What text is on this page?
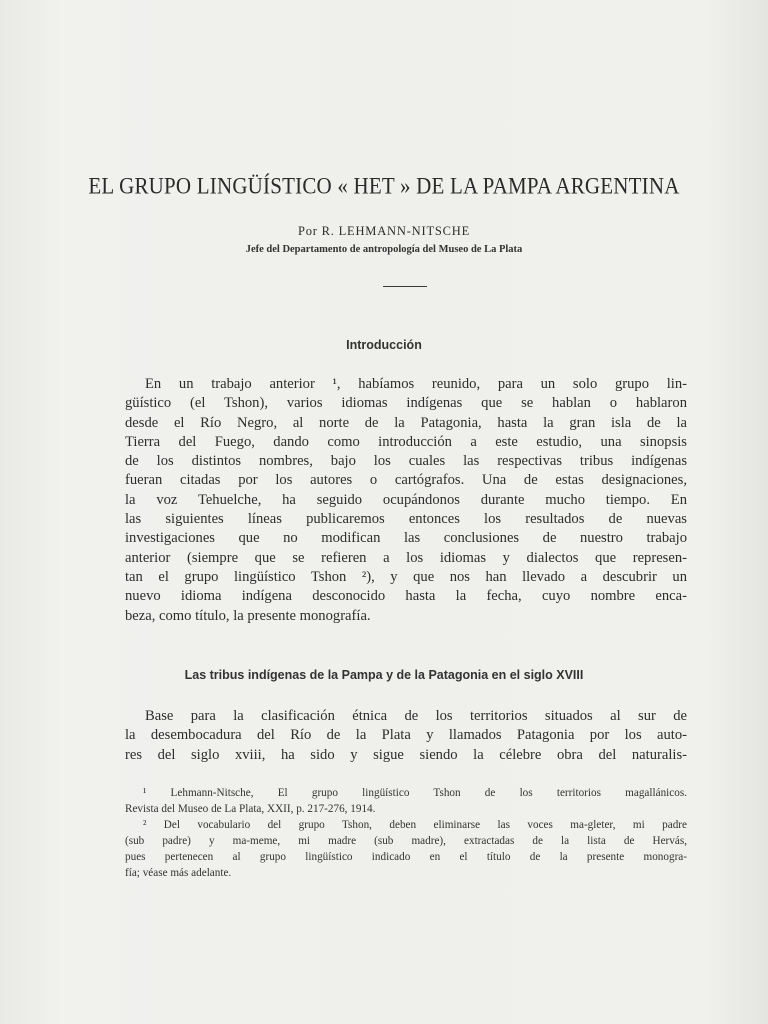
EL GRUPO LINGÜÍSTICO « HET » DE LA PAMPA ARGENTINA
Por R. LEHMANN-NITSCHE
Jefe del Departamento de antropología del Museo de La Plata
Introducción
En un trabajo anterior ¹, habíamos reunido, para un solo grupo lin-
güístico (el Tshon), varios idiomas indígenas que se hablan o hablaron
desde el Río Negro, al norte de la Patagonia, hasta la gran isla de la
Tierra del Fuego, dando como introducción a este estudio, una sinopsis
de los distintos nombres, bajo los cuales las respectivas tribus indígenas
fueran citadas por los autores o cartógrafos. Una de estas designaciones,
la voz Tehuelche, ha seguido ocupándonos durante mucho tiempo. En
las siguientes líneas publicaremos entonces los resultados de nuevas
investigaciones que no modifican las conclusiones de nuestro trabajo
anterior (siempre que se refieren a los idiomas y dialectos que represen-
tan el grupo lingüístico Tshon ²), y que nos han llevado a descubrir un
nuevo idioma indígena desconocido hasta la fecha, cuyo nombre enca-
beza, como título, la presente monografía.
Las tribus indígenas de la Pampa y de la Patagonia en el siglo XVIII
Base para la clasificación étnica de los territorios situados al sur de
la desembocadura del Río de la Plata y llamados Patagonia por los auto-
res del siglo xviii, ha sido y sigue siendo la célebre obra del naturalis-
¹ Lehmann-Nitsche, El grupo lingüístico Tshon de los territorios magallánicos.
Revista del Museo de La Plata, XXII, p. 217-276, 1914.
² Del vocabulario del grupo Tshon, deben eliminarse las voces ma-gleter, mi padre
(sub padre) y ma-meme, mi madre (sub madre), extractadas de la lista de Hervás,
pues pertenecen al grupo lingüístico indicado en el título de la presente monogra-
fía; véase más adelante.
